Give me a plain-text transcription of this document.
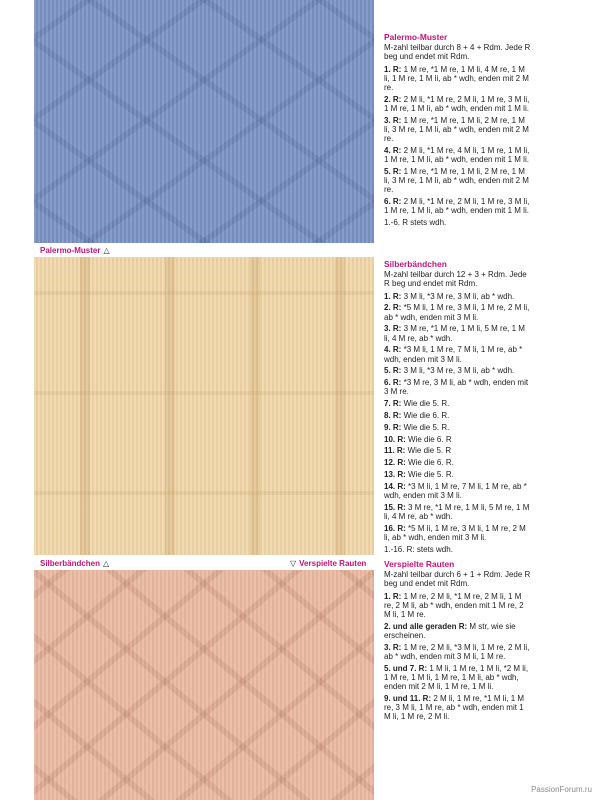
Palermo-Muster △
Silberbändchen △	▽ Verspielte Rauten
Palermo-Muster
M-zahl teilbar durch 8 + 4 + Rdm. Jede R beg und endet mit Rdm.
1. R: 1 M re, *1 M re, 1 M li, 4 M re, 1 M li, 1 M re, 1 M li, ab * wdh, enden mit 2 M re.
2. R: 2 M li, *1 M re, 2 M li, 1 M re, 3 M li, 1 M re, 1 M li, ab * wdh, enden mit 1 M li.
3. R: 1 M re, *1 M re, 1 M li, 2 M re, 1 M li, 3 M re, 1 M li, ab * wdh, enden mit 2 M re.
4. R: 2 M li, *1 M re, 4 M li, 1 M re, 1 M li, 1 M re, 1 M li, ab * wdh, enden mit 1 M li.
5. R: 1 M re, *1 M re, 1 M li, 2 M re, 1 M li, 3 M re, 1 M li, ab * wdh, enden mit 2 M re.
6. R: 2 M li, *1 M re, 2 M li, 1 M re, 3 M li, 1 M re, 1 M li, ab * wdh, enden mit 1 M li.
1.-6. R stets wdh.
Silberbändchen
M-zahl teilbar durch 12 + 3 + Rdm. Jede R beg und endet mit Rdm.
1. R: 3 M li, *3 M re, 3 M li, ab * wdh.
2. R: *5 M li, 1 M re, 3 M li, 1 M re, 2 M li, ab * wdh, enden mit 3 M li.
3. R: 3 M re, *1 M re, 1 M li, 5 M re, 1 M li, 4 M re, ab * wdh.
4. R: *3 M li, 1 M re, 7 M li, 1 M re, ab * wdh, enden mit 3 M li.
5. R: 3 M li, *3 M re, 3 M li, ab * wdh.
6. R: *3 M re, 3 M li, ab * wdh, enden mit 3 M re.
7. R: Wie die 5. R.
8. R: Wie die 6. R.
9. R: Wie die 5. R.
10. R: Wie die 6. R
11. R: Wie die 5. R
12. R: Wie die 6. R.
13. R: Wie die 5. R.
14. R: *3 M li, 1 M re, 7 M li, 1 M re, ab * wdh, enden mit 3 M li.
15. R: 3 M re, *1 M re, 1 M li, 5 M re, 1 M li, 4 M re, ab * wdh.
16. R: *5 M li, 1 M re, 3 M li, 1 M re, 2 M li, ab * wdh, enden mit 3 M li.
1.-16. R: stets wdh.
Verspielte Rauten
M-zahl teilbar durch 6 + 1 + Rdm. Jede R beg und endet mit Rdm.
1. R: 1 M re, 2 M li, *1 M re, 2 M li, 1 M re, 2 M li, ab * wdh, enden mit 1 M re, 2 M li, 1 M re.
2. und alle geraden R: M str, wie sie erscheinen.
3. R: 1 M re, 2 M li, *3 M li, 1 M re, 2 M li, ab * wdh, enden mit 3 M li, 1 M re.
5. und 7. R: 1 M li, 1 M re, 1 M li, *2 M li, 1 M re, 1 M li, 1 M re, 1 M li, ab * wdh, enden mit 2 M li, 1 M re, 1 M li.
9. und 11. R: 2 M li, 1 M re, *1 M li, 1 M re, 3 M li, 1 M re, ab * wdh, enden mit 1 M li, 1 M re, 2 M li.
PassionForum.ru
